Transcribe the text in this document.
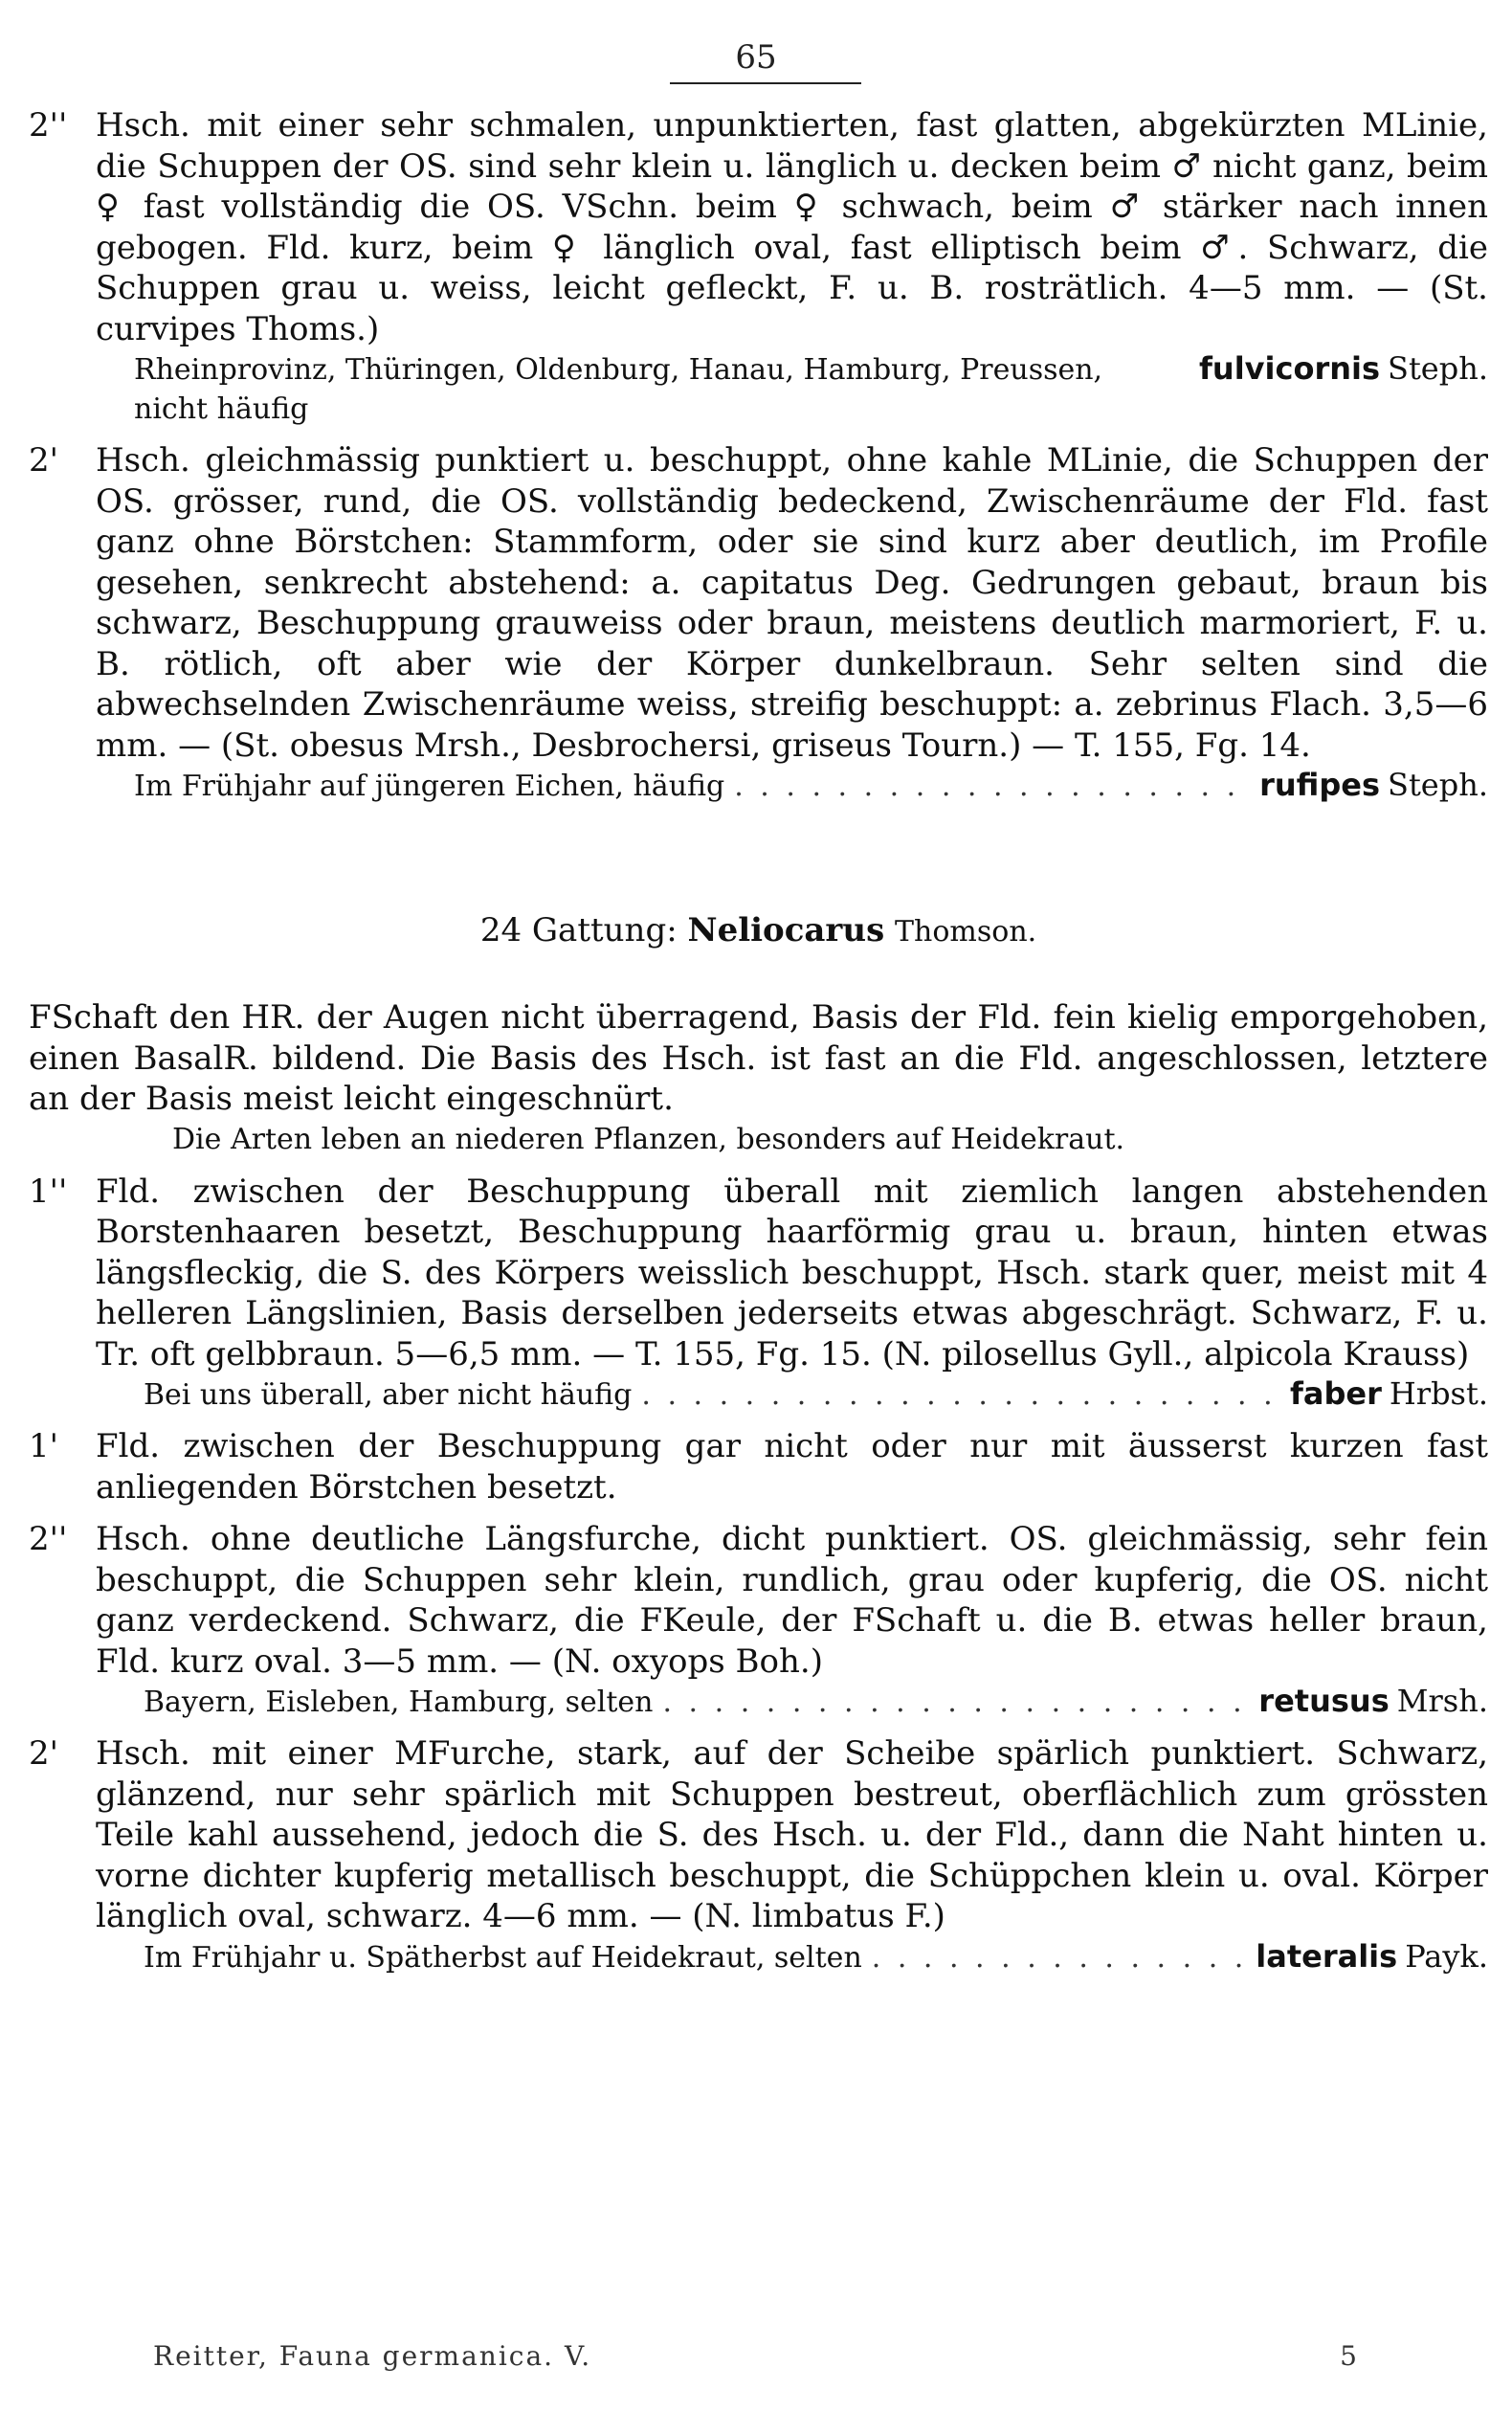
65
2'' Hsch. mit einer sehr schmalen, unpunktierten, fast glatten, abgekürzten MLinie, die Schuppen der OS. sind sehr klein u. länglich u. decken beim ♂ nicht ganz, beim ♀ fast vollständig die OS. VSchn. beim ♀ schwach, beim ♂ stärker nach innen gebogen. Fld. kurz, beim ♀ länglich oval, fast elliptisch beim ♂. Schwarz, die Schuppen grau u. weiss, leicht gefleckt, F. u. B. rosträtlich. 4—5 mm. — (St. curvipes Thoms.)
Rheinprovinz, Thüringen, Oldenburg, Hanau, Hamburg, Preussen, nicht häufig
fulvicornis Steph.
2'	Hsch. gleichmässig punktiert u. beschuppt, ohne kahle MLinie, die Schuppen der OS. grösser, rund, die OS. vollständig bedeckend, Zwischenräume der Fld. fast ganz ohne Börstchen: Stammform, oder sie sind kurz aber deutlich, im Profile gesehen, senkrecht abstehend: a. capitatus Deg. Gedrungen gebaut, braun bis schwarz, Beschuppung grauweiss oder braun, meistens deutlich marmoriert, F. u. B. rötlich, oft aber wie der Körper dunkelbraun. Sehr selten sind die abwechselnden Zwischenräume weiss, streifig beschuppt: a. zebrinus Flach. 3,5—6 mm. — (St. obesus Mrsh., Desbrochersi, griseus Tourn.) — T. 155, Fg. 14.
Im Frühjahr auf jüngeren Eichen, häufig . . .	rufipes Steph.
24 Gattung: Neliocarus Thomson.
FSchaft den HR. der Augen nicht überragend, Basis der Fld. fein kielig emporgehoben, einen BasalR. bildend. Die Basis des Hsch. ist fast an die Fld. angeschlossen, letztere an der Basis meist leicht eingeschnürt.
Die Arten leben an niederen Pflanzen, besonders auf Heidekraut.
1'' Fld. zwischen der Beschuppung überall mit ziemlich langen abstehenden Borstenhaaren besetzt, Beschuppung haarförmig grau u. braun, hinten etwas längsfleckig, die S. des Körpers weisslich beschuppt, Hsch. stark quer, meist mit 4 helleren Längslinien, Basis derselben jederseits etwas abgeschrägt. Schwarz, F. u. Tr. oft gelbbraun. 5—6,5 mm. — T. 155, Fg. 15. (N. pilosellus Gyll., alpicola Krauss)
Bei uns überall, aber nicht häufig . . .	faber Hrbst.
1'	Fld. zwischen der Beschuppung gar nicht oder nur mit äusserst kurzen fast anliegenden Börstchen besetzt.
2'' Hsch. ohne deutliche Längsfurche, dicht punktiert. OS. gleichmässig, sehr fein beschuppt, die Schuppen sehr klein, rundlich, grau oder kupferig, die OS. nicht ganz verdeckend. Schwarz, die FKeule, der FSchaft u. die B. etwas heller braun, Fld. kurz oval. 3—5 mm. — (N. oxyops Boh.)
Bayern, Eisleben, Hamburg, selten . . .	retusus Mrsh.
2'	Hsch. mit einer MFurche, stark, auf der Scheibe spärlich punktiert. Schwarz, glänzend, nur sehr spärlich mit Schuppen bestreut, oberflächlich zum grössten Teile kahl aussehend, jedoch die S. des Hsch. u. der Fld., dann die Naht hinten u. vorne dichter kupferig metallisch beschuppt, die Schüppchen klein u. oval. Körper länglich oval, schwarz. 4—6 mm. — (N. limbatus F.)
Im Frühjahr u. Spätherbst auf Heidekraut, selten . . .	lateralis Payk.
Reitter, Fauna germanica. V.	5
